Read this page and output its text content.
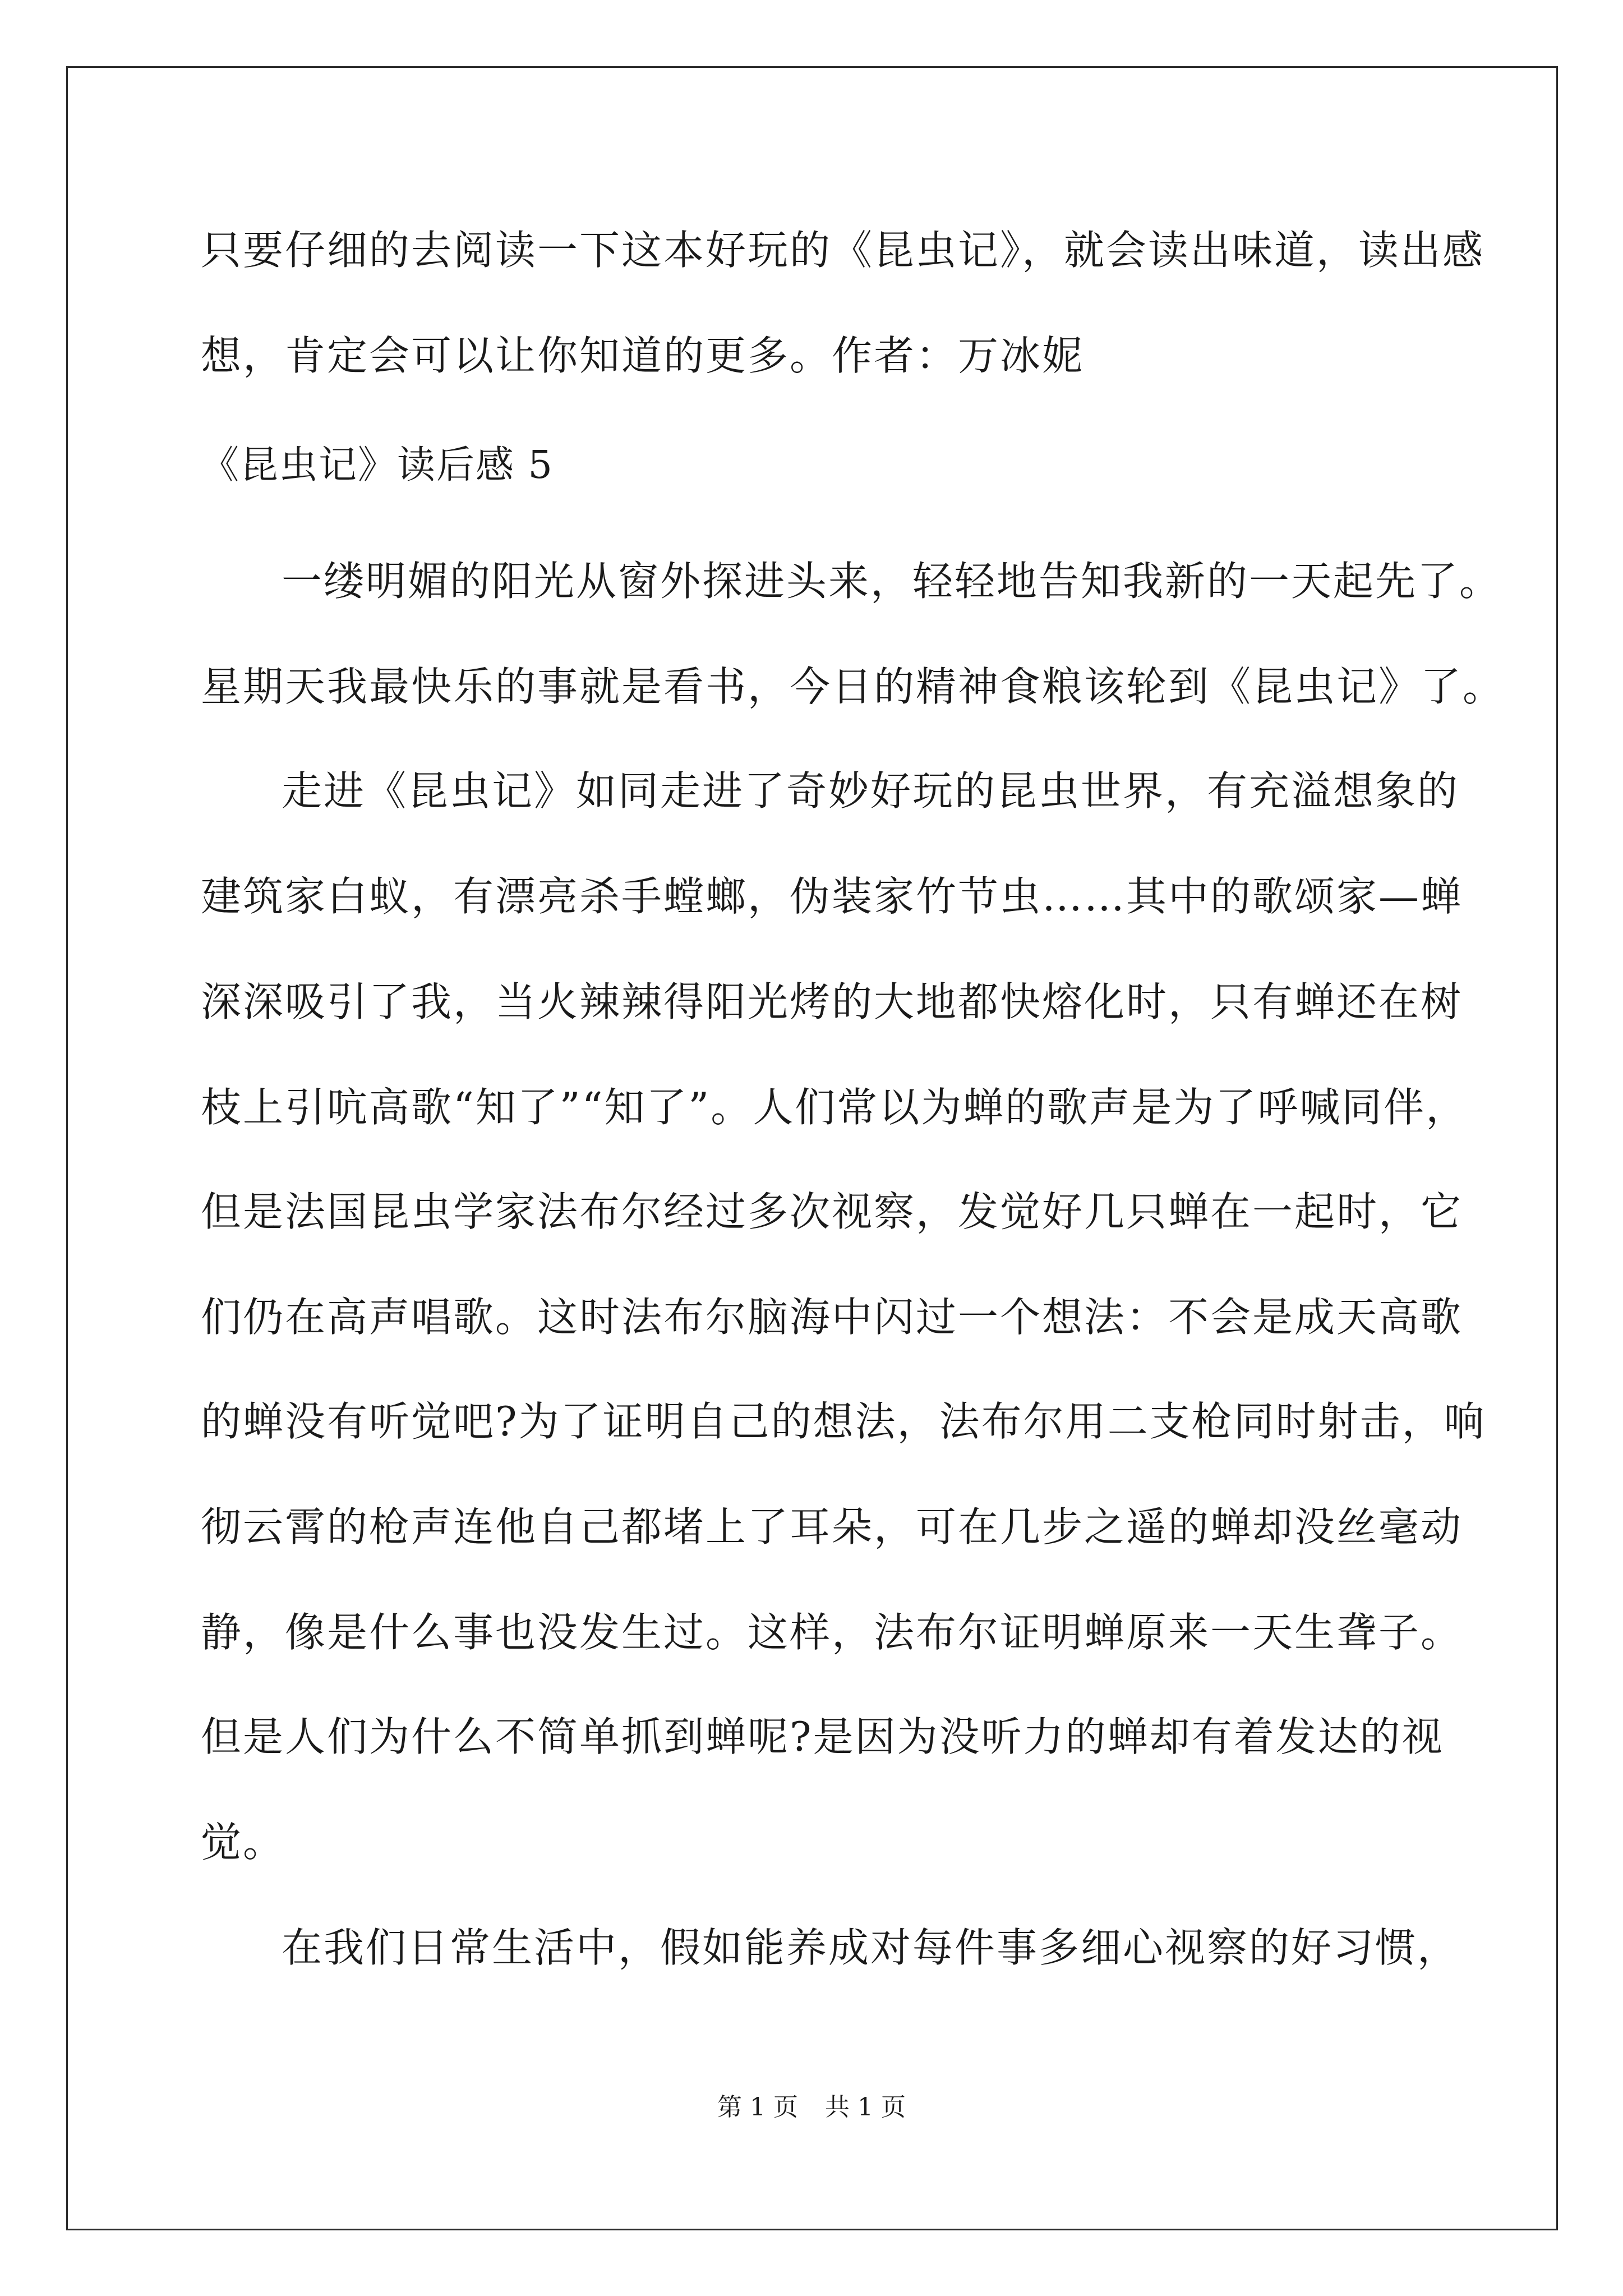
只要仔细的去阅读一下这本好玩的《昆虫记》，就会读出味道，读出感
想，肯定会可以让你知道的更多。作者：万冰妮
《昆虫记》读后感 5
一缕明媚的阳光从窗外探进头来，轻轻地告知我新的一天起先了。
星期天我最快乐的事就是看书，今日的精神食粮该轮到《昆虫记》了。
走进《昆虫记》如同走进了奇妙好玩的昆虫世界，有充溢想象的
建筑家白蚁，有漂亮杀手螳螂，伪装家竹节虫……其中的歌颂家—蝉
深深吸引了我，当火辣辣得阳光烤的大地都快熔化时，只有蝉还在树
枝上引吭高歌“知了”“知了”。人们常以为蝉的歌声是为了呼喊同伴，
但是法国昆虫学家法布尔经过多次视察，发觉好几只蝉在一起时，它
们仍在高声唱歌。这时法布尔脑海中闪过一个想法：不会是成天高歌
的蝉没有听觉吧?为了证明自己的想法，法布尔用二支枪同时射击，响
彻云霄的枪声连他自己都堵上了耳朵，可在几步之遥的蝉却没丝毫动
静，像是什么事也没发生过。这样，法布尔证明蝉原来一天生聋子。
但是人们为什么不简单抓到蝉呢?是因为没听力的蝉却有着发达的视
觉。
在我们日常生活中，假如能养成对每件事多细心视察的好习惯，
第 1 页 共 1 页
